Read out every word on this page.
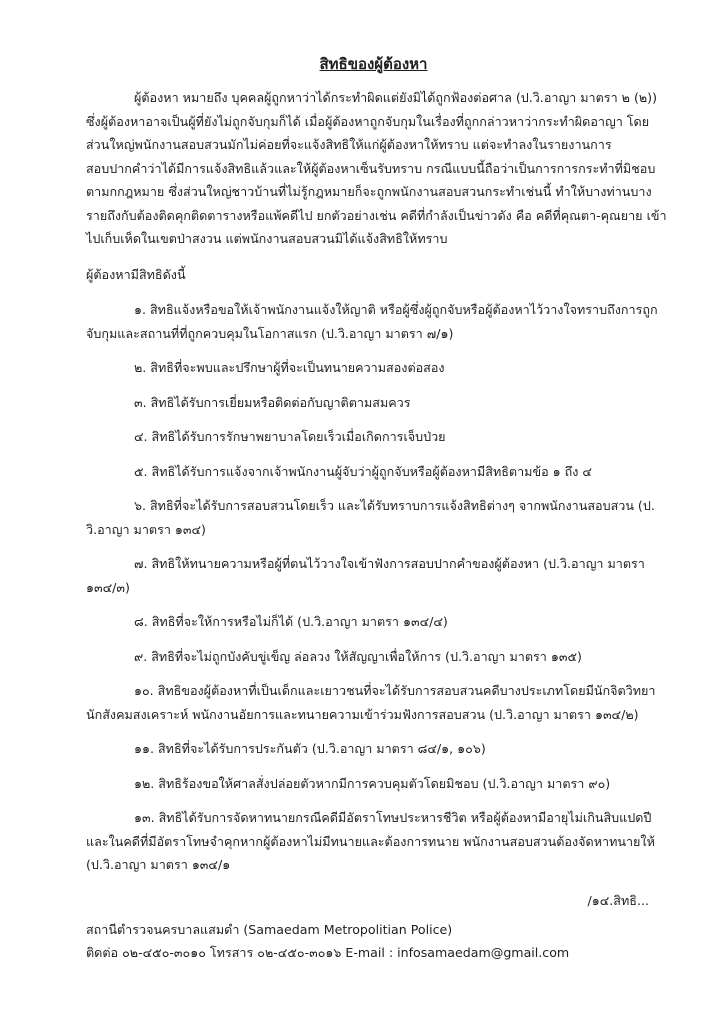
สิทธิของผู้ต้องหา
ผู้ต้องหา หมายถึง บุคคลผู้ถูกหาว่าได้กระทำผิดแต่ยังมิได้ถูกฟ้องต่อศาล (ป.วิ.อาญา มาตรา ๒ (๒))
ซึ่งผู้ต้องหาอาจเป็นผู้ที่ยังไม่ถูกจับกุมก็ได้ เมื่อผู้ต้องหาถูกจับกุมในเรื่องที่ถูกกล่าวหาว่ากระทำผิดอาญา โดย
ส่วนใหญ่พนักงานสอบสวนมักไม่ค่อยที่จะแจ้งสิทธิให้แก่ผู้ต้องหาให้ทราบ แต่จะทำลงในรายงานการ
สอบปากคำว่าได้มีการแจ้งสิทธิแล้วและให้ผู้ต้องหาเซ็นรับทราบ กรณีแบบนี้ถือว่าเป็นการการกระทำที่มิชอบ
ตามกกฎหมาย ซึ่งส่วนใหญ่ชาวบ้านที่ไม่รู้กฎหมายก็จะถูกพนักงานสอบสวนกระทำเช่นนี้ ทำให้บางท่านบาง
รายถึงกับต้องติดคุกติดตารางหรือแพ้คดีไป ยกตัวอย่างเช่น คดีที่กำลังเป็นข่าวดัง คือ คดีที่คุณตา-คุณยาย เข้า
ไปเก็บเห็ดในเขตป่าสงวน แต่พนักงานสอบสวนมิได้แจ้งสิทธิให้ทราบ
ผู้ต้องหามีสิทธิดังนี้
๑. สิทธิแจ้งหรือขอให้เจ้าพนักงานแจ้งให้ญาติ หรือผู้ซึ่งผู้ถูกจับหรือผู้ต้องหาไว้วางใจทราบถึงการถูก
จับกุมและสถานที่ที่ถูกควบคุมในโอกาสแรก (ป.วิ.อาญา มาตรา ๗/๑)
๒. สิทธิที่จะพบและปรึกษาผู้ที่จะเป็นทนายความสองต่อสอง
๓. สิทธิได้รับการเยี่ยมหรือติดต่อกับญาติตามสมควร
๔. สิทธิได้รับการรักษาพยาบาลโดยเร็วเมื่อเกิดการเจ็บป่วย
๕. สิทธิได้รับการแจ้งจากเจ้าพนักงานผู้จับว่าผู้ถูกจับหรือผู้ต้องหามีสิทธิตามข้อ ๑ ถึง ๔
๖. สิทธิที่จะได้รับการสอบสวนโดยเร็ว และได้รับทราบการแจ้งสิทธิต่างๆ จากพนักงานสอบสวน (ป.
วิ.อาญา มาตรา ๑๓๔)
๗. สิทธิให้ทนายความหรือผู้ที่ตนไว้วางใจเข้าฟังการสอบปากคำของผู้ต้องหา (ป.วิ.อาญา มาตรา
๑๓๔/๓)
๘. สิทธิที่จะให้การหรือไม่ก็ได้ (ป.วิ.อาญา มาตรา ๑๓๔/๔)
๙. สิทธิที่จะไม่ถูกบังคับขู่เข็ญ ล่อลวง ให้สัญญาเพื่อให้การ (ป.วิ.อาญา มาตรา ๑๓๕)
๑๐. สิทธิของผู้ต้องหาที่เป็นเด็กและเยาวชนที่จะได้รับการสอบสวนคดีบางประเภทโดยมีนักจิตวิทยา
นักสังคมสงเคราะห์ พนักงานอัยการและทนายความเข้าร่วมฟังการสอบสวน (ป.วิ.อาญา มาตรา ๑๓๔/๒)
๑๑. สิทธิที่จะได้รับการประกันตัว (ป.วิ.อาญา มาตรา ๘๔/๑, ๑๐๖)
๑๒. สิทธิร้องขอให้ศาลสั่งปล่อยตัวหากมีการควบคุมตัวโดยมิชอบ (ป.วิ.อาญา มาตรา ๙๐)
๑๓. สิทธิได้รับการจัดหาทนายกรณีคดีมีอัตราโทษประหารชีวิต หรือผู้ต้องหามีอายุไม่เกินสิบแปดปี
และในคดีที่มีอัตราโทษจำคุกหากผู้ต้องหาไม่มีทนายและต้องการทนาย พนักงานสอบสวนต้องจัดหาทนายให้
(ป.วิ.อาญา มาตรา ๑๓๔/๑
/๑๔.สิทธิ...
สถานีตำรวจนครบาลแสมดำ (Samaedam Metropolitian Police)
ติดต่อ ๐๒-๔๕๐-๓๐๑๐ โทรสาร ๐๒-๔๕๐-๓๐๑๖ E-mail : infosamaedam@gmail.com
